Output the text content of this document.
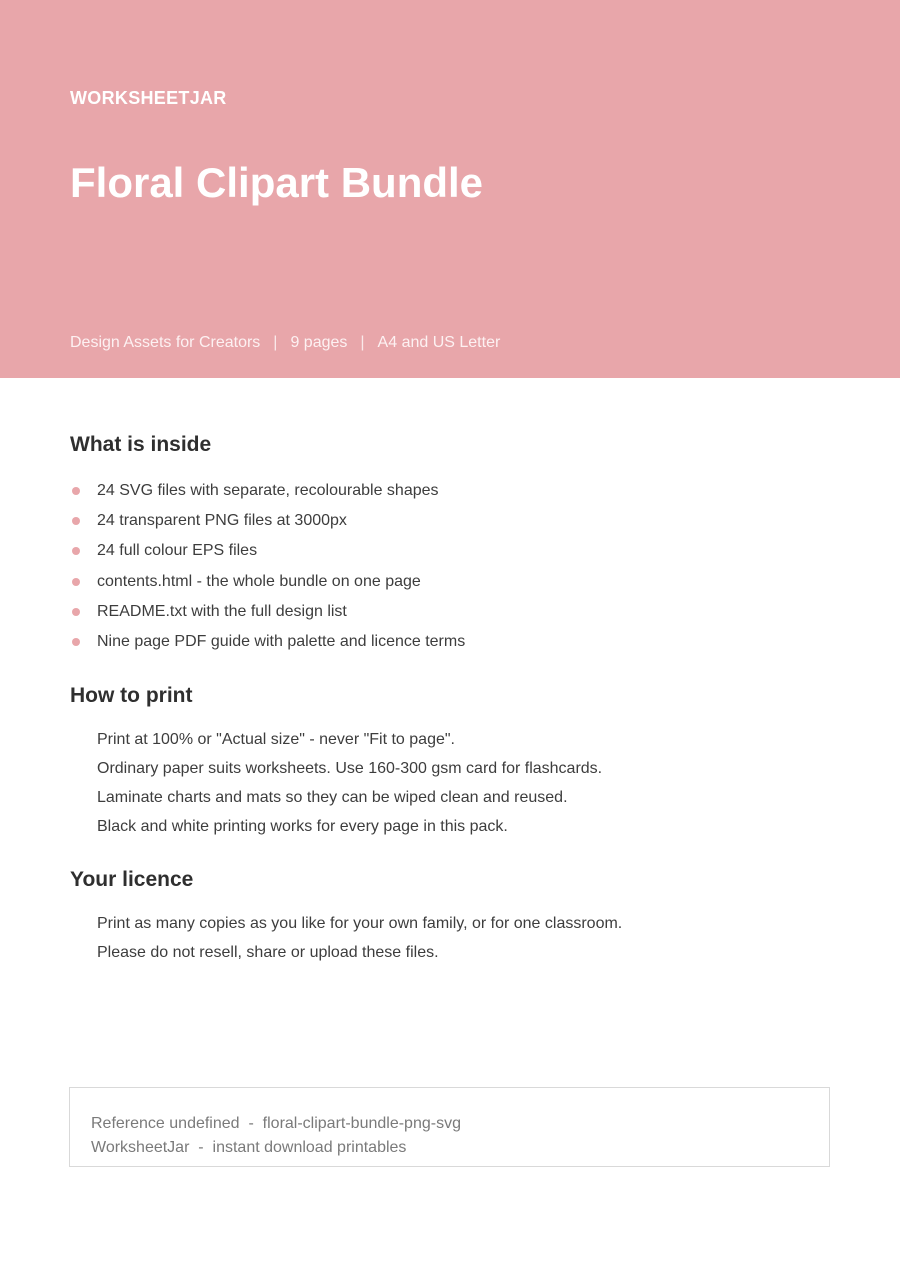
WORKSHEETJAR
Floral Clipart Bundle
Design Assets for Creators | 9 pages | A4 and US Letter
What is inside
24 SVG files with separate, recolourable shapes
24 transparent PNG files at 3000px
24 full colour EPS files
contents.html - the whole bundle on one page
README.txt with the full design list
Nine page PDF guide with palette and licence terms
How to print

Print at 100% or "Actual size" - never "Fit to page".

Ordinary paper suits worksheets. Use 160-300 gsm card for flashcards.

Laminate charts and mats so they can be wiped clean and reused.

Black and white printing works for every page in this pack.

Your licence

Print as many copies as you like for your own family, or for one classroom.

Please do not resell, share or upload these files.

Reference undefined  -  floral-clipart-bundle-png-svg

WorksheetJar  -  instant download printables
